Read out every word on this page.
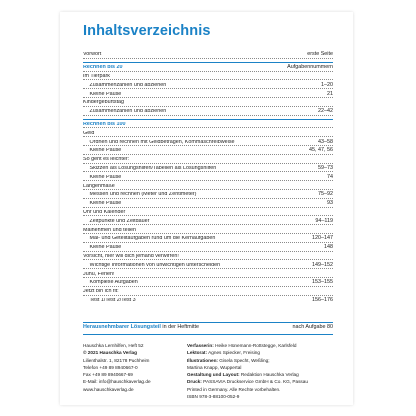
Inhaltsverzeichnis
Vorwort	erste Seite
Rechnen bis 20	Aufgabennummern
Im Tierpark
Zusammenzählen und abziehen	1–20
Kleine Pause	21
Kindergeburtstag
Zusammenzählen und abziehen	22–42
Rechnen bis 100
Geld
Ordnen und rechnen mit Geldbeträgen, Kommaschreibweise	43–58
Kleine Pause	45, 47, 56
So geht es leichter:
Skizzen als Lösungshilfen/Tabellen als Lösungshilfen	59–73
Kleine Pause	74
Längenmaße
Messen und rechnen (Meter und Zentimeter)	75–92
Kleine Pause	93
Uhr und Kalender
Zeitpunkte und Zeitdauer	94–119
Malnehmen und teilen
Mal- und Geteiltaufgaben rund um die Kernaufgaben	120–147
Kleine Pause	148
Vorsicht, hier will dich jemand verwirren!
Wichtige Informationen von unwichtigen unterscheiden	149–152
Juhu, Ferien!
Komplexe Aufgaben	153–155
Jetzt bin ich fit:
Test 1/Test 2/Test 3	156–176
Herausnehmbarer Lösungsteil in der Heftmitte	nach Aufgabe 80
Hauschka Lernhilfen, Heft 52
© 2021 Hauschka Verlag
Lilienthalstr. 1, 82178 Puchheim
Telefon +49 89 8940667-0
Fax +49 89 8940667-69
E-Mail: info@hauschkaverlag.de
www.hauschkaverlag.de
Verfasserin: Heike Hünemann-Rottstegge, Karlsfeld
Lektorat: Agnes Spiecker, Freising
Illustrationen: Gisela Specht, Weßling;
Martina Knapp, Wuppertal
Gestaltung und Layout: Redaktion Hauschka Verlag
Druck: PASSAVIA Druckservice GmbH & Co. KG, Passau
Printed in Germany. Alle Rechte vorbehalten.
ISBN 978-3-88100-052-9
